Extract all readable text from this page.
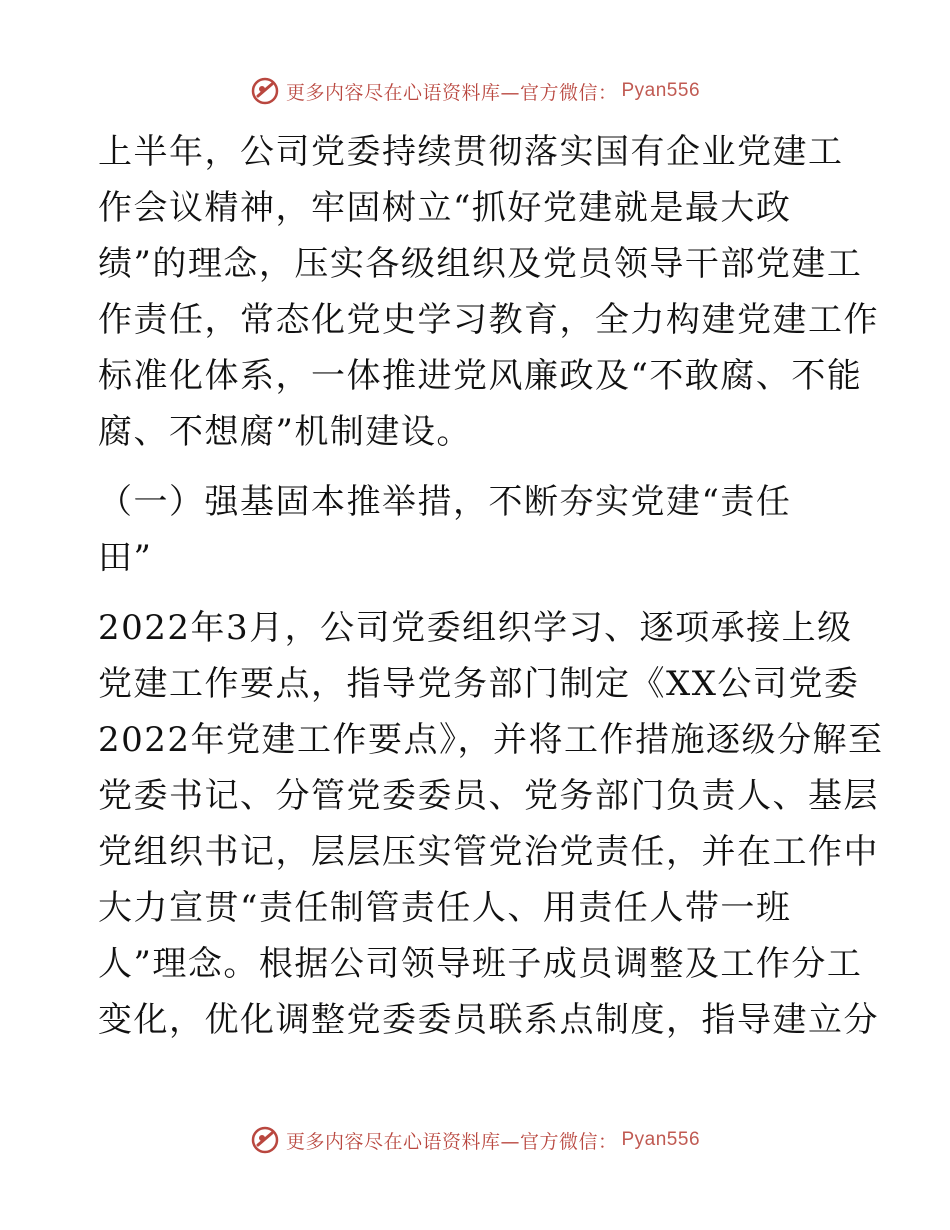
更多内容尽在心语资料库—官方微信： Pyan556
上半年，公司党委持续贯彻落实国有企业党建工
作会议精神，牢固树立“抓好党建就是最大政
绩”的理念，压实各级组织及党员领导干部党建工
作责任，常态化党史学习教育，全力构建党建工作
标准化体系，一体推进党风廉政及“不敢腐、不能
腐、不想腐”机制建设。
（一）强基固本推举措，不断夯实党建“责任
田”
2022年3月，公司党委组织学习、逐项承接上级
党建工作要点，指导党务部门制定《XX公司党委
2022年党建工作要点》，并将工作措施逐级分解至
党委书记、分管党委委员、党务部门负责人、基层
党组织书记，层层压实管党治党责任，并在工作中
大力宣贯“责任制管责任人、用责任人带一班
人”理念。根据公司领导班子成员调整及工作分工
变化，优化调整党委委员联系点制度，指导建立分
更多内容尽在心语资料库—官方微信： Pyan556
